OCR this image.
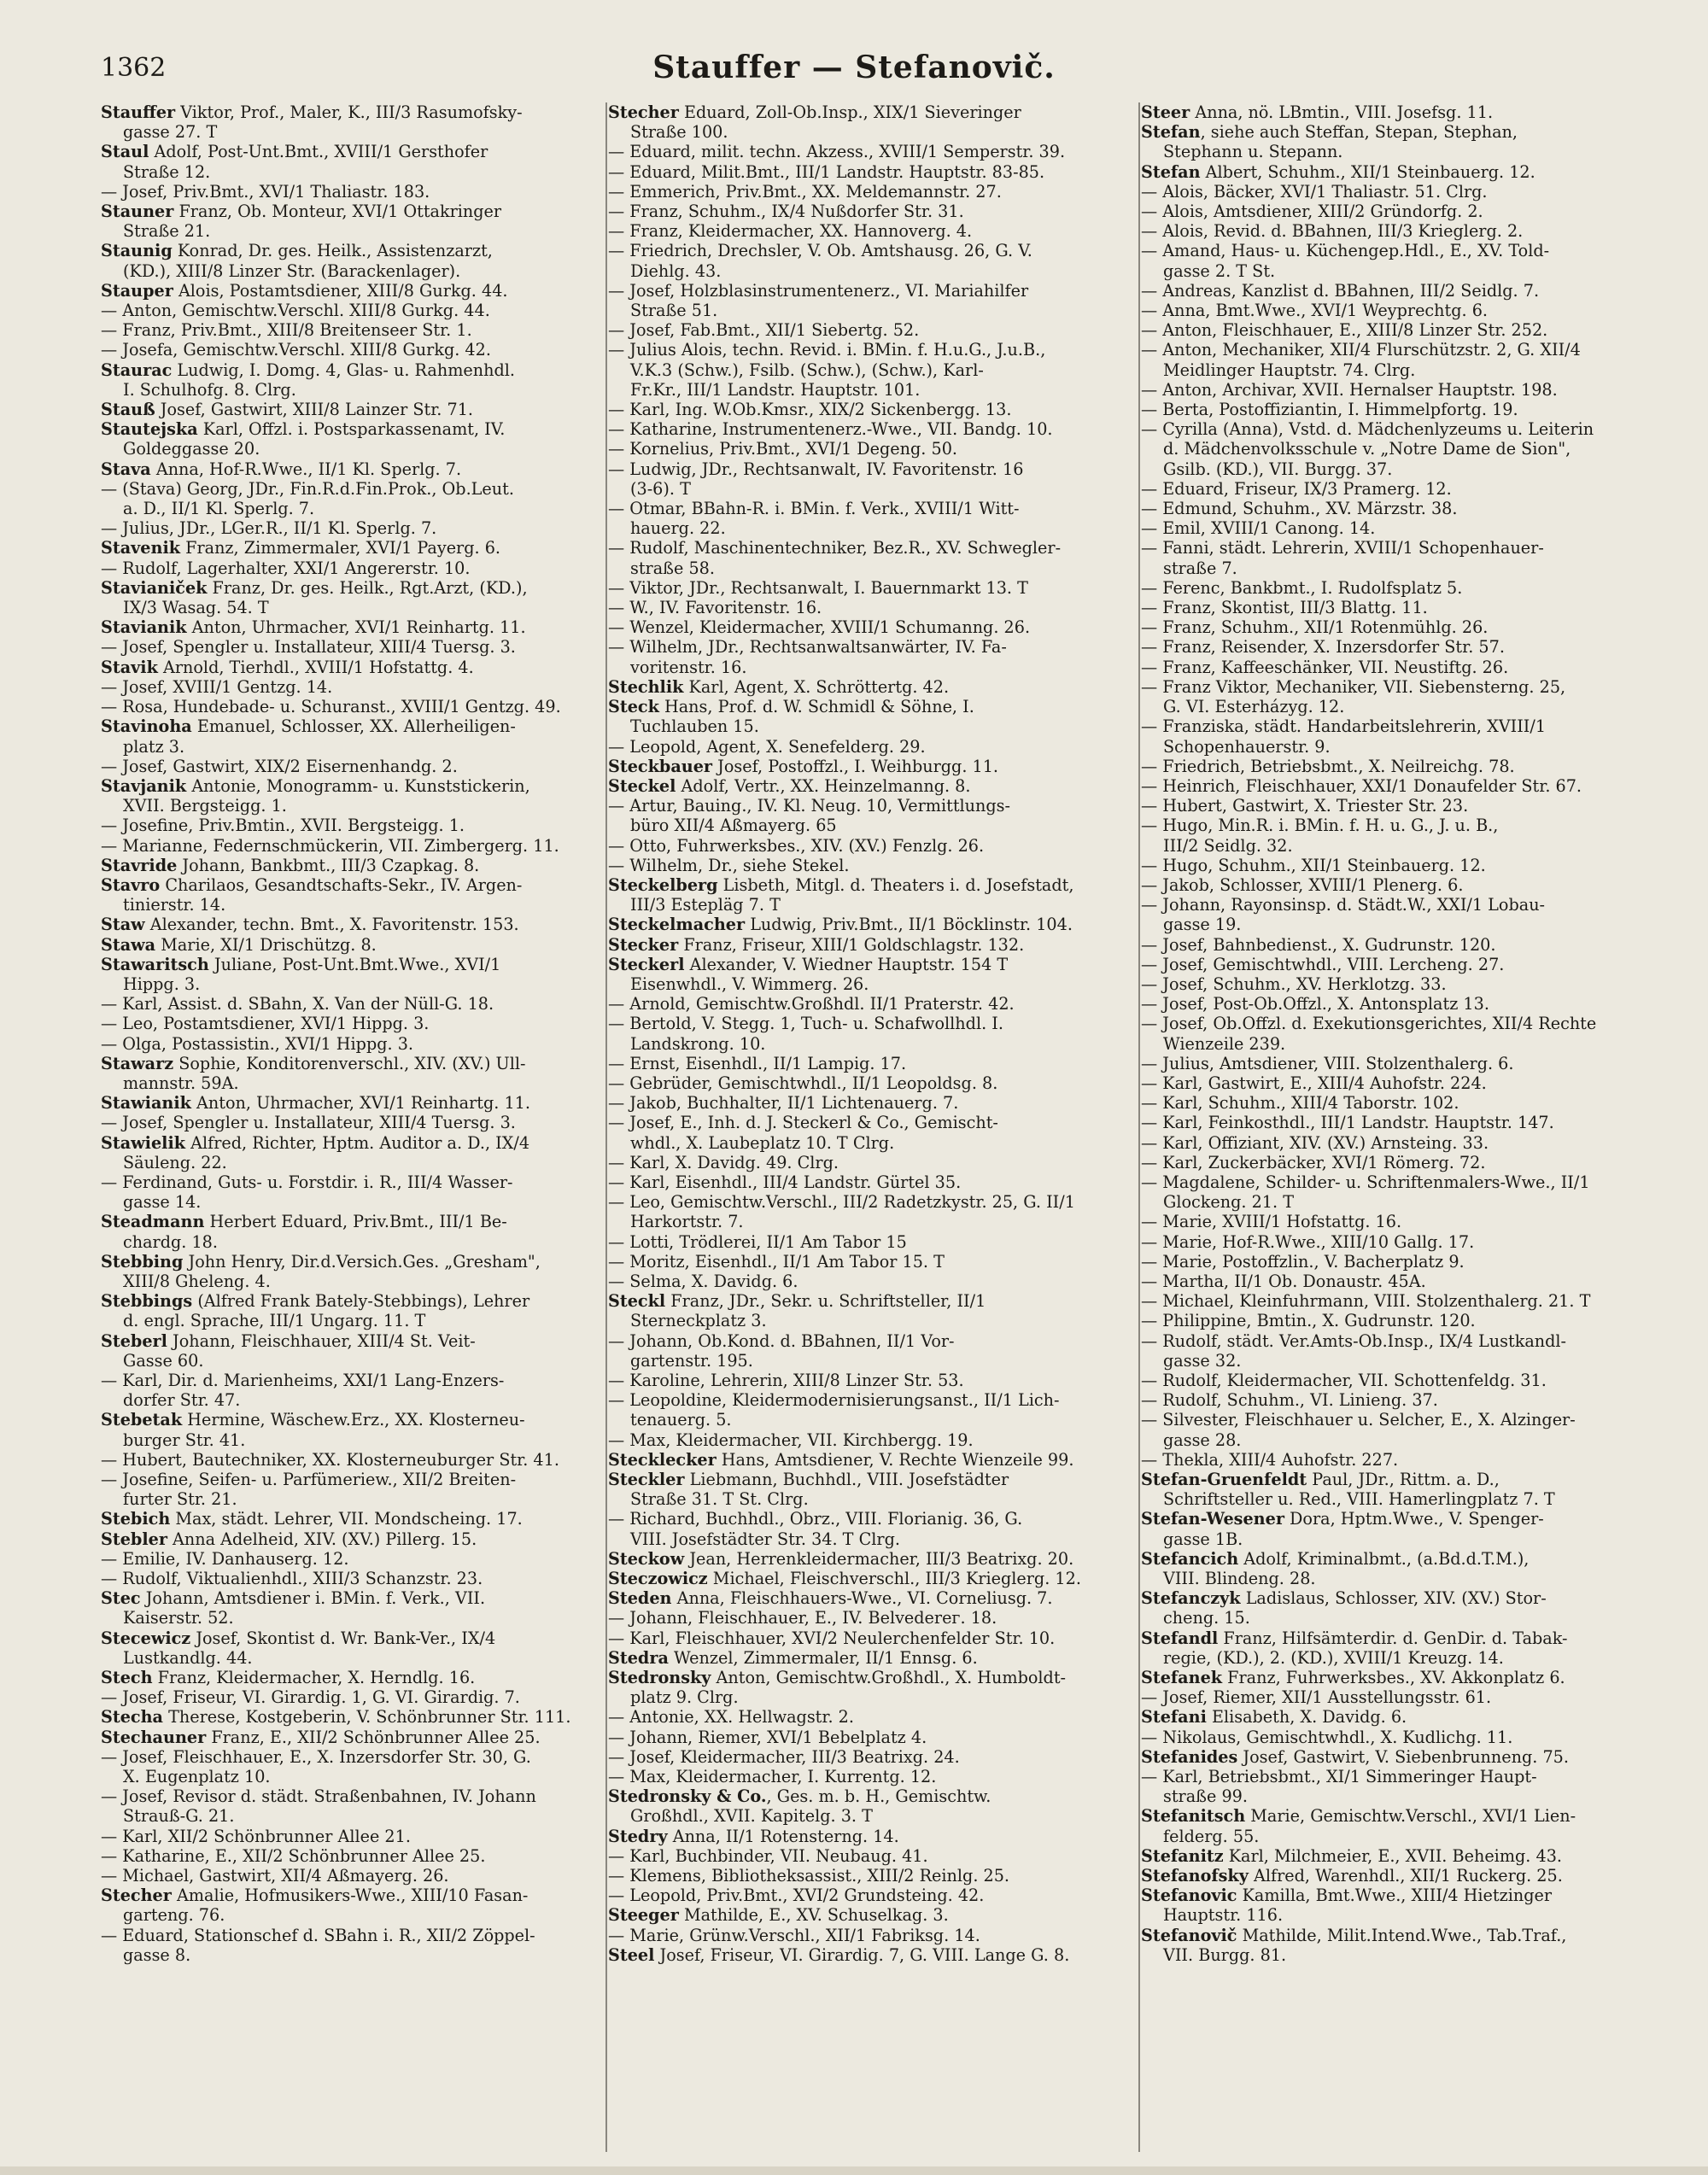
1362	Stauffer — Stefanovič.
Stauffer Viktor, Prof., Maler, K., III/3 Rasumofsky-
gasse 27. T
Staul Adolf, Post-Unt.Bmt., XVIII/1 Gersthofer
Straße 12.
— Josef, Priv.Bmt., XVI/1 Thaliastr. 183.
Stauner Franz, Ob. Monteur, XVI/1 Ottakringer
Straße 21.
Staunig Konrad, Dr. ges. Heilk., Assistenzarzt,
(KD.), XIII/8 Linzer Str. (Barackenlager).
Stauper Alois, Postamtsdiener, XIII/8 Gurkg. 44.
— Anton, Gemischtw.Verschl. XIII/8 Gurkg. 44.
— Franz, Priv.Bmt., XIII/8 Breitenseer Str. 1.
— Josefa, Gemischtw.Verschl. XIII/8 Gurkg. 42.
Staurac Ludwig, I. Domg. 4, Glas- u. Rahmenhdl.
I. Schulhofg. 8. Clrg.
Stauß Josef, Gastwirt, XIII/8 Lainzer Str. 71.
Stautejska Karl, Offzl. i. Postsparkassenamt, IV.
Goldeggasse 20.
Stava Anna, Hof-R.Wwe., II/1 Kl. Sperlg. 7.
— (Stava) Georg, JDr., Fin.R.d.Fin.Prok., Ob.Leut.
a. D., II/1 Kl. Sperlg. 7.
— Julius, JDr., LGer.R., II/1 Kl. Sperlg. 7.
Stavenik Franz, Zimmermaler, XVI/1 Payerg. 6.
— Rudolf, Lagerhalter, XXI/1 Angererstr. 10.
Stavianiček Franz, Dr. ges. Heilk., Rgt.Arzt, (KD.),
IX/3 Wasag. 54. T
Stavianik Anton, Uhrmacher, XVI/1 Reinhartg. 11.
— Josef, Spengler u. Installateur, XIII/4 Tuersg. 3.
Stavik Arnold, Tierhdl., XVIII/1 Hofstattg. 4.
— Josef, XVIII/1 Gentzg. 14.
— Rosa, Hundebade- u. Schuranst., XVIII/1 Gentzg. 49.
Stavinoha Emanuel, Schlosser, XX. Allerheiligen-
platz 3.
— Josef, Gastwirt, XIX/2 Eisernenhandg. 2.
Stavjanik Antonie, Monogramm- u. Kunststickerin,
XVII. Bergsteigg. 1.
— Josefine, Priv.Bmtin., XVII. Bergsteigg. 1.
— Marianne, Federnschmückerin, VII. Zimbergerg. 11.
Stavride Johann, Bankbmt., III/3 Czapkag. 8.
Stavro Charilaos, Gesandtschafts-Sekr., IV. Argen-
tinierstr. 14.
Staw Alexander, techn. Bmt., X. Favoritenstr. 153.
Stawa Marie, XI/1 Drischützg. 8.
Stawaritsch Juliane, Post-Unt.Bmt.Wwe., XVI/1
Hippg. 3.
— Karl, Assist. d. SBahn, X. Van der Nüll-G. 18.
— Leo, Postamtsdiener, XVI/1 Hippg. 3.
— Olga, Postassistin., XVI/1 Hippg. 3.
Stawarz Sophie, Konditorenverschl., XIV. (XV.) Ull-
mannstr. 59A.
Stawianik Anton, Uhrmacher, XVI/1 Reinhartg. 11.
— Josef, Spengler u. Installateur, XIII/4 Tuersg. 3.
Stawielik Alfred, Richter, Hptm. Auditor a. D., IX/4
Säuleng. 22.
— Ferdinand, Guts- u. Forstdir. i. R., III/4 Wasser-
gasse 14.
Steadmann Herbert Eduard, Priv.Bmt., III/1 Be-
chardg. 18.
Stebbing John Henry, Dir.d.Versich.Ges. „Gresham",
XIII/8 Gheleng. 4.
Stebbings (Alfred Frank Bately-Stebbings), Lehrer
d. engl. Sprache, III/1 Ungarg. 11. T
Steberl Johann, Fleischhauer, XIII/4 St. Veit-
Gasse 60.
— Karl, Dir. d. Marienheims, XXI/1 Lang-Enzers-
dorfer Str. 47.
Stebetak Hermine, Wäschew.Erz., XX. Klosterneu-
burger Str. 41.
— Hubert, Bautechniker, XX. Klosterneuburger Str. 41.
— Josefine, Seifen- u. Parfümeriew., XII/2 Breiten-
furter Str. 21.
Stebich Max, städt. Lehrer, VII. Mondscheing. 17.
Stebler Anna Adelheid, XIV. (XV.) Pillerg. 15.
— Emilie, IV. Danhauserg. 12.
— Rudolf, Viktualienhdl., XIII/3 Schanzstr. 23.
Stec Johann, Amtsdiener i. BMin. f. Verk., VII.
Kaiserstr. 52.
Stecewicz Josef, Skontist d. Wr. Bank-Ver., IX/4
Lustkandlg. 44.
Stech Franz, Kleidermacher, X. Herndlg. 16.
— Josef, Friseur, VI. Girardig. 1, G. VI. Girardig. 7.
Stecha Therese, Kostgeberin, V. Schönbrunner Str. 111.
Stechauner Franz, E., XII/2 Schönbrunner Allee 25.
— Josef, Fleischhauer, E., X. Inzersdorfer Str. 30, G.
X. Eugenplatz 10.
— Josef, Revisor d. städt. Straßenbahnen, IV. Johann
Strauß-G. 21.
— Karl, XII/2 Schönbrunner Allee 21.
— Katharine, E., XII/2 Schönbrunner Allee 25.
— Michael, Gastwirt, XII/4 Aßmayerg. 26.
Stecher Amalie, Hofmusikers-Wwe., XIII/10 Fasan-
garteng. 76.
— Eduard, Stationschef d. SBahn i. R., XII/2 Zöppel-
gasse 8.
Stecher Eduard, Zoll-Ob.Insp., XIX/1 Sieveringer
Straße 100.
— Eduard, milit. techn. Akzess., XVIII/1 Semperstr. 39.
— Eduard, Milit.Bmt., III/1 Landstr. Hauptstr. 83-85.
— Emmerich, Priv.Bmt., XX. Meldemannstr. 27.
— Franz, Schuhm., IX/4 Nußdorfer Str. 31.
— Franz, Kleidermacher, XX. Hannoverg. 4.
— Friedrich, Drechsler, V. Ob. Amtshausg. 26, G. V.
Diehlg. 43.
— Josef, Holzblasinstrumentenerz., VI. Mariahilfer
Straße 51.
— Josef, Fab.Bmt., XII/1 Siebertg. 52.
— Julius Alois, techn. Revid. i. BMin. f. H.u.G., J.u.B.,
V.K.3 (Schw.), Fsilb. (Schw.), (Schw.), Karl-
Fr.Kr., III/1 Landstr. Hauptstr. 101.
— Karl, Ing. W.Ob.Kmsr., XIX/2 Sickenbergg. 13.
— Katharine, Instrumentenerz.-Wwe., VII. Bandg. 10.
— Kornelius, Priv.Bmt., XVI/1 Degeng. 50.
— Ludwig, JDr., Rechtsanwalt, IV. Favoritenstr. 16
(3-6). T
— Otmar, BBahn-R. i. BMin. f. Verk., XVIII/1 Witt-
hauerg. 22.
— Rudolf, Maschinentechniker, Bez.R., XV. Schwegler-
straße 58.
— Viktor, JDr., Rechtsanwalt, I. Bauernmarkt 13. T
— W., IV. Favoritenstr. 16.
— Wenzel, Kleidermacher, XVIII/1 Schumanng. 26.
— Wilhelm, JDr., Rechtsanwaltsanwärter, IV. Fa-
voritenstr. 16.
Stechlik Karl, Agent, X. Schröttertg. 42.
Steck Hans, Prof. d. W. Schmidl & Söhne, I.
Tuchlauben 15.
— Leopold, Agent, X. Senefelderg. 29.
Steckbauer Josef, Postoffzl., I. Weihburgg. 11.
Steckel Adolf, Vertr., XX. Heinzelmanng. 8.
— Artur, Bauing., IV. Kl. Neug. 10, Vermittlungs-
büro XII/4 Aßmayerg. 65
— Otto, Fuhrwerksbes., XIV. (XV.) Fenzlg. 26.
— Wilhelm, Dr., siehe Stekel.
Steckelberg Lisbeth, Mitgl. d. Theaters i. d. Josefstadt,
III/3 Estepläg 7. T
Steckelmacher Ludwig, Priv.Bmt., II/1 Böcklinstr. 104.
Stecker Franz, Friseur, XIII/1 Goldschlagstr. 132.
Steckerl Alexander, V. Wiedner Hauptstr. 154 T
Eisenwhdl., V. Wimmerg. 26.
— Arnold, Gemischtw.Großhdl. II/1 Praterstr. 42.
— Bertold, V. Stegg. 1, Tuch- u. Schafwollhdl. I.
Landskrong. 10.
— Ernst, Eisenhdl., II/1 Lampig. 17.
— Gebrüder, Gemischtwhdl., II/1 Leopoldsg. 8.
— Jakob, Buchhalter, II/1 Lichtenauerg. 7.
— Josef, E., Inh. d. J. Steckerl & Co., Gemischt-
whdl., X. Laubeplatz 10. T Clrg.
— Karl, X. Davidg. 49. Clrg.
— Karl, Eisenhdl., III/4 Landstr. Gürtel 35.
— Leo, Gemischtw.Verschl., III/2 Radetzkystr. 25, G. II/1
Harkortstr. 7.
— Lotti, Trödlerei, II/1 Am Tabor 15
— Moritz, Eisenhdl., II/1 Am Tabor 15. T
— Selma, X. Davidg. 6.
Steckl Franz, JDr., Sekr. u. Schriftsteller, II/1
Sterneckplatz 3.
— Johann, Ob.Kond. d. BBahnen, II/1 Vor-
gartenstr. 195.
— Karoline, Lehrerin, XIII/8 Linzer Str. 53.
— Leopoldine, Kleidermodernisierungsanst., II/1 Lich-
tenauerg. 5.
— Max, Kleidermacher, VII. Kirchbergg. 19.
Stecklecker Hans, Amtsdiener, V. Rechte Wienzeile 99.
Steckler Liebmann, Buchhdl., VIII. Josefstädter
Straße 31. T St. Clrg.
— Richard, Buchhdl., Obrz., VIII. Florianig. 36, G.
VIII. Josefstädter Str. 34. T Clrg.
Steckow Jean, Herrenkleidermacher, III/3 Beatrixg. 20.
Steczowicz Michael, Fleischverschl., III/3 Krieglerg. 12.
Steden Anna, Fleischhauers-Wwe., VI. Corneliusg. 7.
— Johann, Fleischhauer, E., IV. Belvederег. 18.
— Karl, Fleischhauer, XVI/2 Neulerchenfelder Str. 10.
Stedra Wenzel, Zimmermaler, II/1 Ennsg. 6.
Stedronsky Anton, Gemischtw.Großhdl., X. Humboldt-
platz 9. Clrg.
— Antonie, XX. Hellwagstr. 2.
— Johann, Riemer, XVI/1 Bebelplatz 4.
— Josef, Kleidermacher, III/3 Beatrixg. 24.
— Max, Kleidermacher, I. Kurrentg. 12.
Stedronsky & Co., Ges. m. b. H., Gemischtw.
Großhdl., XVII. Kapitelg. 3. T
Stedry Anna, II/1 Rotensterng. 14.
— Karl, Buchbinder, VII. Neubaug. 41.
— Klemens, Bibliotheksassist., XIII/2 Reinlg. 25.
— Leopold, Priv.Bmt., XVI/2 Grundsteing. 42.
Steeger Mathilde, E., XV. Schuselkag. 3.
— Marie, Grünw.Verschl., XII/1 Fabriksg. 14.
Steel Josef, Friseur, VI. Girardig. 7, G. VIII. Lange G. 8.
Steer Anna, nö. LBmtin., VIII. Josefsg. 11.
Stefan, siehe auch Steffan, Stepan, Stephan,
Stephann u. Stepann.
Stefan Albert, Schuhm., XII/1 Steinbauerg. 12.
— Alois, Bäcker, XVI/1 Thaliastr. 51. Clrg.
— Alois, Amtsdiener, XIII/2 Gründorfg. 2.
— Alois, Revid. d. BBahnen, III/3 Krieglerg. 2.
— Amand, Haus- u. Küchengер.Hdl., E., XV. Told-
gasse 2. T St.
— Andreas, Kanzlist d. BBahnen, III/2 Seidlg. 7.
— Anna, Bmt.Wwe., XVI/1 Weyprechtg. 6.
— Anton, Fleischhauer, E., XIII/8 Linzer Str. 252.
— Anton, Mechaniker, XII/4 Flurschützstr. 2, G. XII/4
Meidlinger Hauptstr. 74. Clrg.
— Anton, Archivar, XVII. Hernalser Hauptstr. 198.
— Berta, Postoffiziantin, I. Himmelpfortg. 19.
— Cyrilla (Anna), Vstd. d. Mädchenlyzeums u. Leiterin
d. Mädchenvolksschule v. „Notre Dame de Sion",
Gsilb. (KD.), VII. Burgg. 37.
— Eduard, Friseur, IX/3 Pramerg. 12.
— Edmund, Schuhm., XV. Märzstr. 38.
— Emil, XVIII/1 Canong. 14.
— Fanni, städt. Lehrerin, XVIII/1 Schopenhauer-
straße 7.
— Ferenc, Bankbmt., I. Rudolfsplatz 5.
— Franz, Skontist, III/3 Blattg. 11.
— Franz, Schuhm., XII/1 Rotenmühlg. 26.
— Franz, Reisender, X. Inzersdorfer Str. 57.
— Franz, Kaffeeschänker, VII. Neustiftg. 26.
— Franz Viktor, Mechaniker, VII. Siebensterng. 25,
G. VI. Esterházyg. 12.
— Franziska, städt. Handarbeitslehrerin, XVIII/1
Schopenhauerstr. 9.
— Friedrich, Betriebsbmt., X. Neilreichg. 78.
— Heinrich, Fleischhauer, XXI/1 Donaufelder Str. 67.
— Hubert, Gastwirt, X. Triester Str. 23.
— Hugo, Min.R. i. BMin. f. H. u. G., J. u. B.,
III/2 Seidlg. 32.
— Hugo, Schuhm., XII/1 Steinbauerg. 12.
— Jakob, Schlosser, XVIII/1 Plenerg. 6.
— Johann, Rayonsinsp. d. Städt.W., XXI/1 Lobau-
gasse 19.
— Josef, Bahnbedienst., X. Gudrunstr. 120.
— Josef, Gemischtwhdl., VIII. Lercheng. 27.
— Josef, Schuhm., XV. Herklotzg. 33.
— Josef, Post-Ob.Offzl., X. Antonsplatz 13.
— Josef, Ob.Offzl. d. Exekutionsgerichtes, XII/4 Rechte
Wienzeile 239.
— Julius, Amtsdiener, VIII. Stolzenthalerg. 6.
— Karl, Gastwirt, E., XIII/4 Auhofstr. 224.
— Karl, Schuhm., XIII/4 Taborstr. 102.
— Karl, Feinkosthdl., III/1 Landstr. Hauptstr. 147.
— Karl, Offiziant, XIV. (XV.) Arnsteing. 33.
— Karl, Zuckerbäcker, XVI/1 Römerg. 72.
— Magdalene, Schilder- u. Schriftenmalers-Wwe., II/1
Glockeng. 21. T
— Marie, XVIII/1 Hofstattg. 16.
— Marie, Hof-R.Wwe., XIII/10 Gallg. 17.
— Marie, Postoffzlin., V. Bacherplatz 9.
— Martha, II/1 Ob. Donaustr. 45A.
— Michael, Kleinfuhrmann, VIII. Stolzenthalerg. 21. T
— Philippine, Bmtin., X. Gudrunstr. 120.
— Rudolf, städt. Ver.Amts-Ob.Insp., IX/4 Lustkandl-
gasse 32.
— Rudolf, Kleidermacher, VII. Schottenfeldg. 31.
— Rudolf, Schuhm., VI. Linieng. 37.
— Silvester, Fleischhauer u. Selcher, E., X. Alzinger-
gasse 28.
— Thekla, XIII/4 Auhofstr. 227.
Stefan-Gruenfeldt Paul, JDr., Rittm. a. D.,
Schriftsteller u. Red., VIII. Hamerlingplatz 7. T
Stefan-Wesener Dora, Hptm.Wwe., V. Spenger-
gasse 1B.
Stefancich Adolf, Kriminalbmt., (a.Bd.d.T.M.),
VIII. Blindeng. 28.
Stefanczyk Ladislaus, Schlosser, XIV. (XV.) Stor-
cheng. 15.
Stefandl Franz, Hilfsämterdir. d. GenDir. d. Tabak-
regie, (KD.), 2. (KD.), XVIII/1 Kreuzg. 14.
Stefanek Franz, Fuhrwerksbes., XV. Akkonplatz 6.
— Josef, Riemer, XII/1 Ausstellungsstr. 61.
Stefani Elisabeth, X. Davidg. 6.
— Nikolaus, Gemischtwhdl., X. Kudlichg. 11.
Stefanides Josef, Gastwirt, V. Siebenbrunneng. 75.
— Karl, Betriebsbmt., XI/1 Simmeringer Haupt-
straße 99.
Stefanitsch Marie, Gemischtw.Verschl., XVI/1 Lien-
felderg. 55.
Stefanitz Karl, Milchmeier, E., XVII. Beheimg. 43.
Stefanofsky Alfred, Warenhdl., XII/1 Ruckerg. 25.
Stefanovic Kamilla, Bmt.Wwe., XIII/4 Hietzinger
Hauptstr. 116.
Stefanovič Mathilde, Milit.Intend.Wwe., Tab.Traf.,
VII. Burgg. 81.
